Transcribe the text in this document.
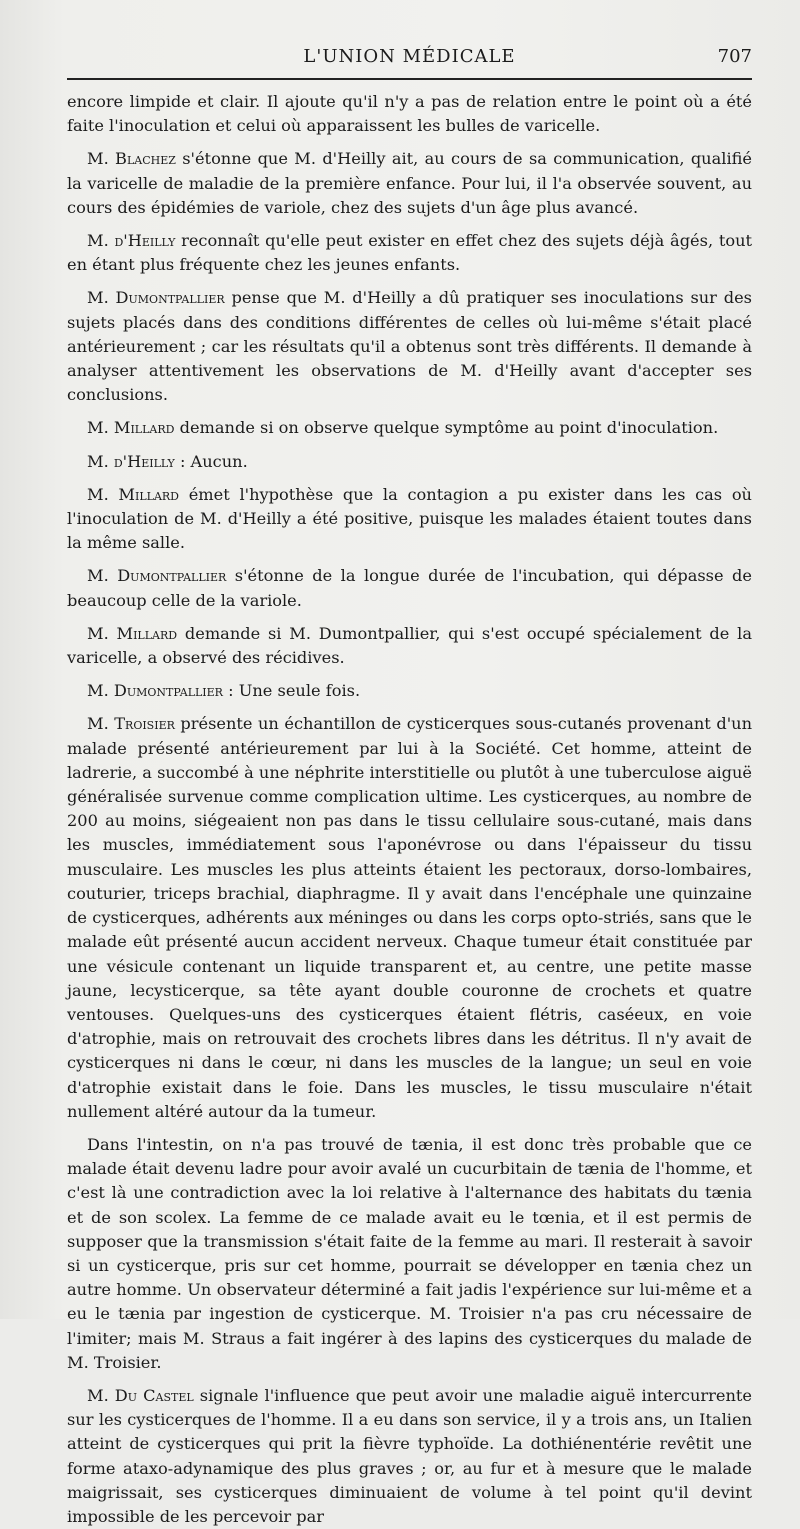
L'UNION MÉDICALE	707

encore limpide et clair. Il ajoute qu'il n'y a pas de relation entre le point où a été faite l'inoculation et celui où apparaissent les bulles de varicelle.

M. Blachez s'étonne que M. d'Heilly ait, au cours de sa communication, qualifié la varicelle de maladie de la première enfance. Pour lui, il l'a observée souvent, au cours des épidémies de variole, chez des sujets d'un âge plus avancé.

M. d'Heilly reconnaît qu'elle peut exister en effet chez des sujets déjà âgés, tout en étant plus fréquente chez les jeunes enfants.

M. Dumontpallier pense que M. d'Heilly a dû pratiquer ses inoculations sur des sujets placés dans des conditions différentes de celles où lui-même s'était placé antérieurement ; car les résultats qu'il a obtenus sont très différents. Il demande à analyser attentivement les observations de M. d'Heilly avant d'accepter ses conclusions.

M. Millard demande si on observe quelque symptôme au point d'inoculation.

M. d'Heilly : Aucun.

M. Millard émet l'hypothèse que la contagion a pu exister dans les cas où l'inoculation de M. d'Heilly a été positive, puisque les malades étaient toutes dans la même salle.

M. Dumontpallier s'étonne de la longue durée de l'incubation, qui dépasse de beaucoup celle de la variole.

M. Millard demande si M. Dumontpallier, qui s'est occupé spécialement de la varicelle, a observé des récidives.

M. Dumontpallier : Une seule fois.

M. Troisier présente un échantillon de cysticerques sous-cutanés provenant d'un malade présenté antérieurement par lui à la Société. Cet homme, atteint de ladrerie, a succombé à une néphrite interstitielle ou plutôt à une tuberculose aiguë généralisée survenue comme complication ultime. Les cysticerques, au nombre de 200 au moins, siégeaient non pas dans le tissu cellulaire sous-cutané, mais dans les muscles, immédiatement sous l'aponévrose ou dans l'épaisseur du tissu musculaire. Les muscles les plus atteints étaient les pectoraux, dorso-lombaires, couturier, triceps brachial, diaphragme. Il y avait dans l'encéphale une quinzaine de cysticerques, adhérents aux méninges ou dans les corps opto-striés, sans que le malade eût présenté aucun accident nerveux. Chaque tumeur était constituée par une vésicule contenant un liquide transparent et, au centre, une petite masse jaune, lecysticerque, sa tête ayant double couronne de crochets et quatre ventouses. Quelques-uns des cysticerques étaient flétris, caséeux, en voie d'atrophie, mais on retrouvait des crochets libres dans les détritus. Il n'y avait de cysticerques ni dans le cœur, ni dans les muscles de la langue; un seul en voie d'atrophie existait dans le foie. Dans les muscles, le tissu musculaire n'était nullement altéré autour da la tumeur.

Dans l'intestin, on n'a pas trouvé de tænia, il est donc très probable que ce malade était devenu ladre pour avoir avalé un cucurbitain de tænia de l'homme, et c'est là une contradiction avec la loi relative à l'alternance des habitats du tænia et de son scolex. La femme de ce malade avait eu le tœnia, et il est permis de supposer que la transmission s'était faite de la femme au mari. Il resterait à savoir si un cysticerque, pris sur cet homme, pourrait se développer en tænia chez un autre homme. Un observateur déterminé a fait jadis l'expérience sur lui-même et a eu le tænia par ingestion de cysticerque. M. Troisier n'a pas cru nécessaire de l'imiter; mais M. Straus a fait ingérer à des lapins des cysticerques du malade de M. Troisier.

M. Du Castel signale l'influence que peut avoir une maladie aiguë intercurrente sur les cysticerques de l'homme. Il a eu dans son service, il y a trois ans, un Italien atteint de cysticerques qui prit la fièvre typhoïde. La dothiénentérie revêtit une forme ataxo-adynamique des plus graves ; or, au fur et à mesure que le malade maigrissait, ses cysticerques diminuaient de volume à tel point qu'il devint impossible de les percevoir par
